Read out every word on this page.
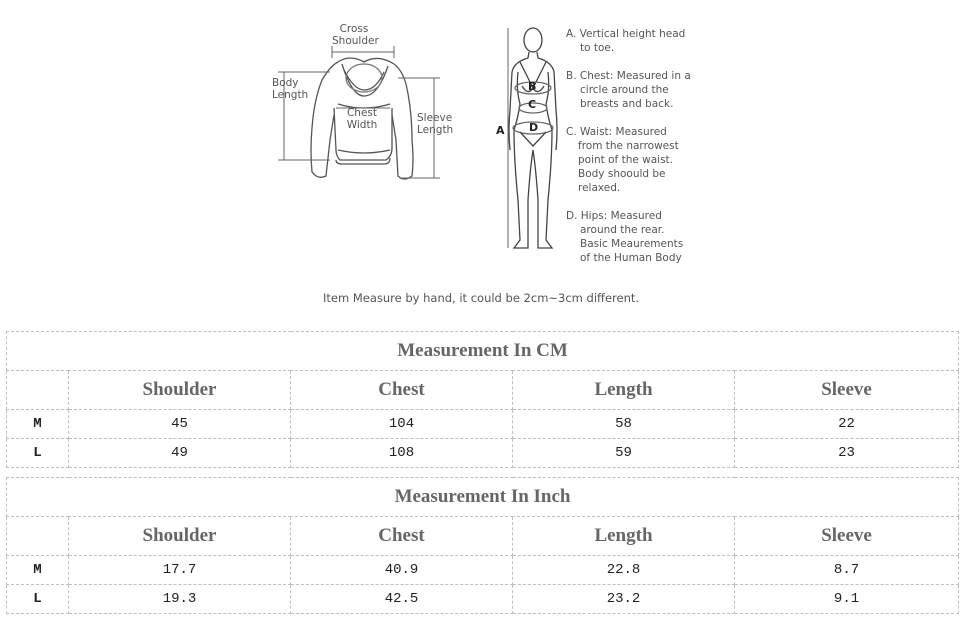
Cross
Shoulder
Body
Length
Chest
Width
Sleeve
Length
B
C
A D
A. Vertical height head
to toe.
B. Chest: Measured in a
circle around the
breasts and back.
C. Waist: Measured
from the narrowest
point of the waist.
Body shoould be
relaxed.
D. Hips: Measured
around the rear.
Basic Meaurements
of the Human Body
Item Measure by hand, it could be 2cm~3cm different.
Measurement In CM				
	Shoulder	Chest	Length	Sleeve
M	45	104	58	22
L	49	108	59	23
Measurement In Inch				
	Shoulder	Chest	Length	Sleeve
M	17.7	40.9	22.8	8.7
L	19.3	42.5	23.2	9.1
